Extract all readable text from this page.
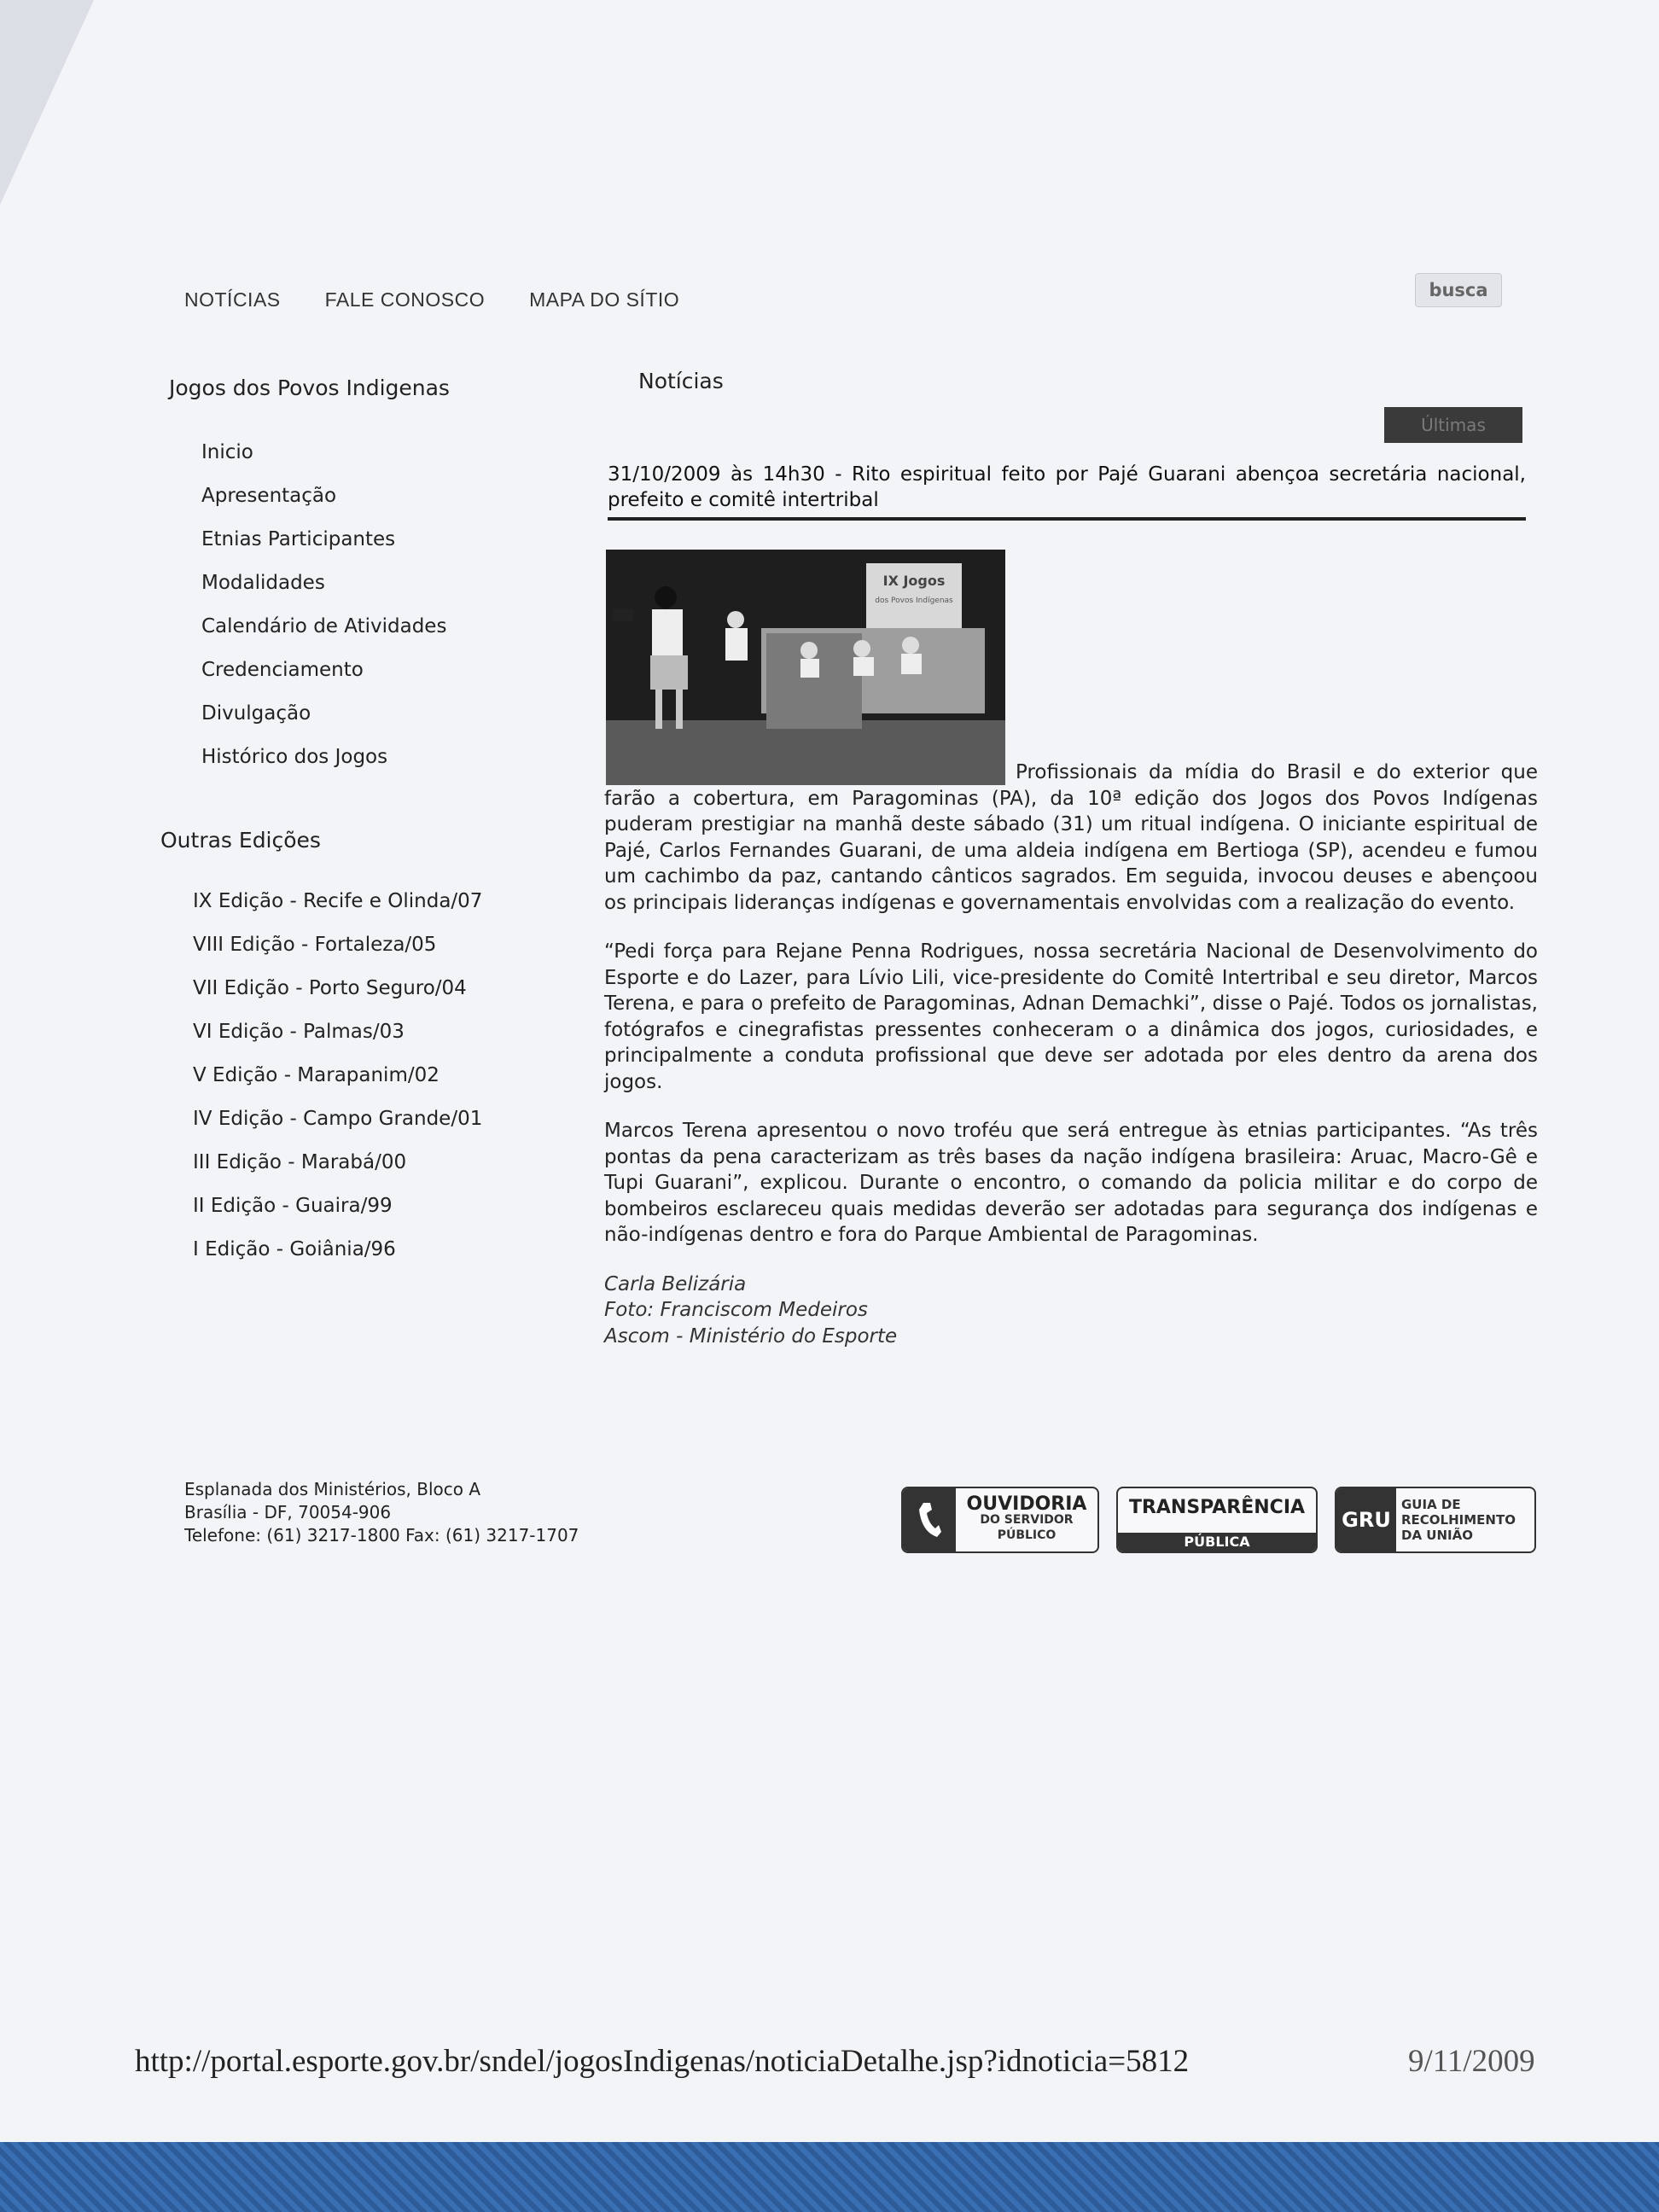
NOTÍCIAS FALE CONOSCO MAPA DO SÍTIO	busca
Jogos dos Povos Indigenas
Inicio
Apresentação
Etnias Participantes
Modalidades
Calendário de Atividades
Credenciamento
Divulgação
Histórico dos Jogos
Outras Edições
IX Edição - Recife e Olinda/07
VIII Edição - Fortaleza/05
VII Edição - Porto Seguro/04
VI Edição - Palmas/03
V Edição - Marapanim/02
IV Edição - Campo Grande/01
III Edição - Marabá/00
II Edição - Guaira/99
I Edição - Goiânia/96
Notícias
Últimas
31/10/2009 às 14h30 - Rito espiritual feito por Pajé Guarani abençoa secretária nacional, prefeito e comitê intertribal
IX Jogos
dos Povos Indígenas

Profissionais da mídia do Brasil e do exterior que farão a cobertura, em Paragominas (PA), da 10ª edição dos Jogos dos Povos Indígenas puderam prestigiar na manhã deste sábado (31) um ritual indígena. O iniciante espiritual de Pajé, Carlos Fernandes Guarani, de uma aldeia indígena em Bertioga (SP), acendeu e fumou um cachimbo da paz, cantando cânticos sagrados. Em seguida, invocou deuses e abençoou os principais lideranças indígenas e governamentais envolvidas com a realização do evento.

“Pedi força para Rejane Penna Rodrigues, nossa secretária Nacional de Desenvolvimento do Esporte e do Lazer, para Lívio Lili, vice-presidente do Comitê Intertribal e seu diretor, Marcos Terena, e para o prefeito de Paragominas, Adnan Demachki”, disse o Pajé. Todos os jornalistas, fotógrafos e cinegrafistas pressentes conheceram o a dinâmica dos jogos, curiosidades, e principalmente a conduta profissional que deve ser adotada por eles dentro da arena dos jogos.

Marcos Terena apresentou o novo troféu que será entregue às etnias participantes. “As três pontas da pena caracterizam as três bases da nação indígena brasileira: Aruac, Macro-Gê e Tupi Guarani”, explicou. Durante o encontro, o comando da policia militar e do corpo de bombeiros esclareceu quais medidas deverão ser adotadas para segurança dos indígenas e não-indígenas dentro e fora do Parque Ambiental de Paragominas.

Carla Belizária
Foto: Franciscom Medeiros
Ascom - Ministério do Esporte
Esplanada dos Ministérios, Bloco A
Brasília - DF, 70054-906
Telefone: (61) 3217-1800 Fax: (61) 3217-1707
OUVIDORIA
DO SERVIDOR
PÚBLICO
TRANSPARÊNCIA
PÚBLICA
GRU
GUIA DE
RECOLHIMENTO
DA UNIÃO
http://portal.esporte.gov.br/sndel/jogosIndigenas/noticiaDetalhe.jsp?idnoticia=5812	9/11/2009
